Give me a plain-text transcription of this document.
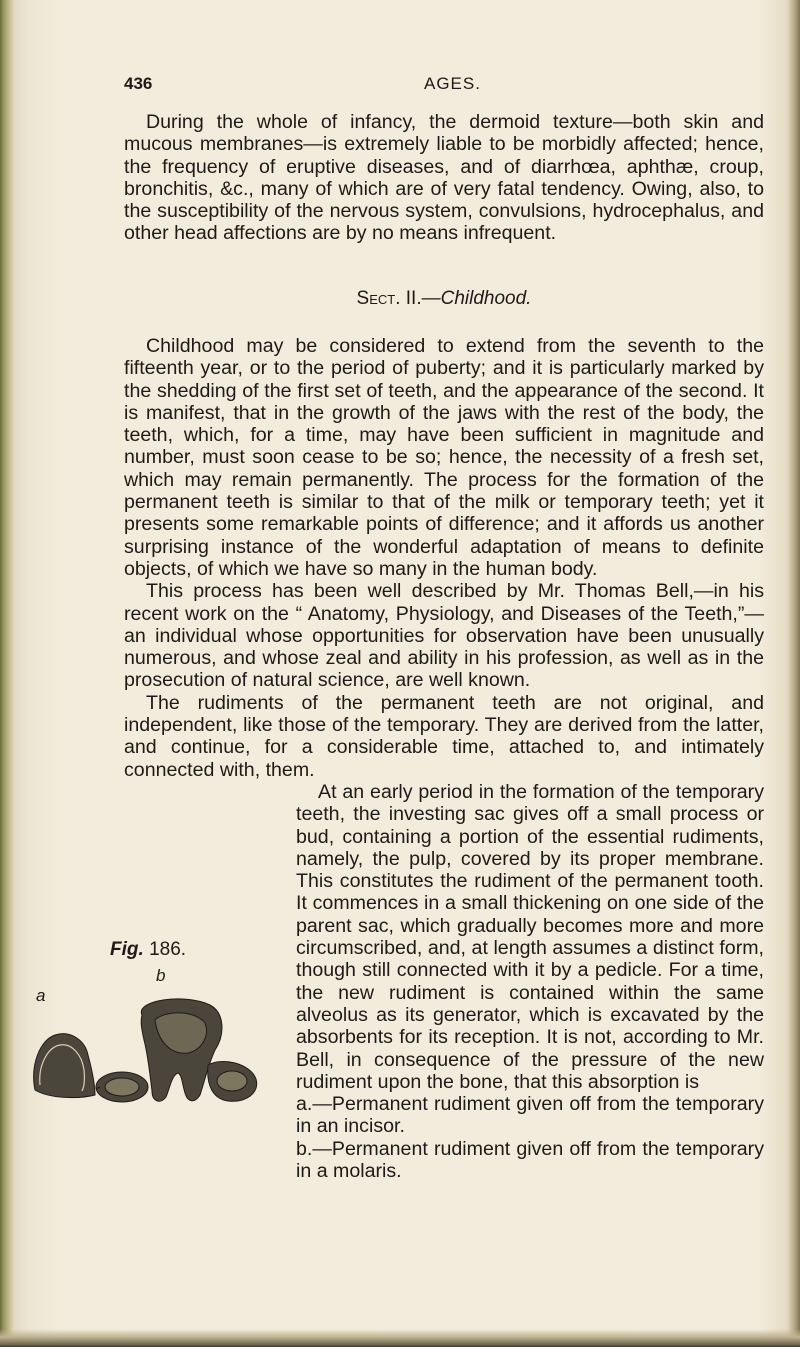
436	AGES.

During the whole of infancy, the dermoid texture—both skin and mucous membranes—is extremely liable to be morbidly affected; hence, the frequency of eruptive diseases, and of diarrhœa, aphthæ, croup, bronchitis, &c., many of which are of very fatal tendency. Owing, also, to the susceptibility of the nervous system, convulsions, hydrocephalus, and other head affections are by no means infrequent.

Sect. II.—Childhood.

Childhood may be considered to extend from the seventh to the fifteenth year, or to the period of puberty; and it is particularly marked by the shedding of the first set of teeth, and the appearance of the second. It is manifest, that in the growth of the jaws with the rest of the body, the teeth, which, for a time, may have been sufficient in magnitude and number, must soon cease to be so; hence, the necessity of a fresh set, which may remain permanently. The process for the formation of the permanent teeth is similar to that of the milk or temporary teeth; yet it presents some remarkable points of difference; and it affords us another surprising instance of the wonderful adaptation of means to definite objects, of which we have so many in the human body.

This process has been well described by Mr. Thomas Bell,—in his recent work on the “ Anatomy, Physiology, and Diseases of the Teeth,”—an individual whose opportunities for observation have been unusually numerous, and whose zeal and ability in his profession, as well as in the prosecution of natural science, are well known.

The rudiments of the permanent teeth are not original, and independent, like those of the temporary. They are derived from the latter, and continue, for a considerable time, attached to, and intimately connected with, them.

Fig. 186.
b
a
At an early period in the formation of the temporary teeth, the investing sac gives off a small process or bud, containing a portion of the essential rudiments, namely, the pulp, covered by its proper membrane. This constitutes the rudiment of the permanent tooth. It commences in a small thickening on one side of the parent sac, which gradually becomes more and more circumscribed, and, at length assumes a distinct form, though still connected with it by a pedicle. For a time, the new rudiment is contained within the same alveolus as its generator, which is excavated by the absorbents for its reception. It is not, according to Mr. Bell, in consequence of the pressure of the new rudiment upon the bone, that this absorption is

a.—Permanent rudiment given off from the temporary in an incisor.
b.—Permanent rudiment given off from the temporary in a molaris.
